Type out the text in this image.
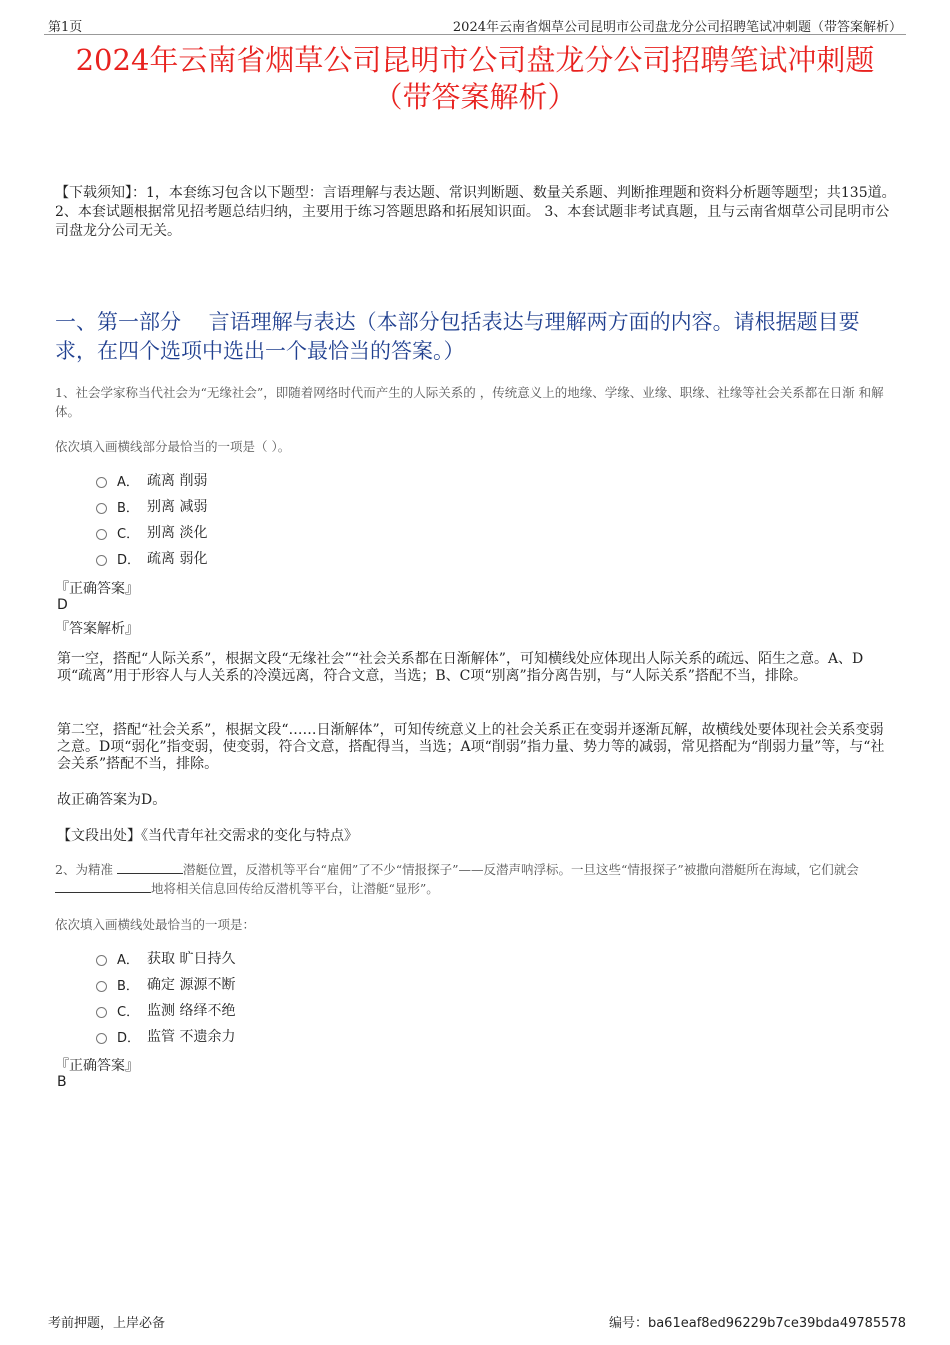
第1页	2024年云南省烟草公司昆明市公司盘龙分公司招聘笔试冲刺题（带答案解析）
2024年云南省烟草公司昆明市公司盘龙分公司招聘笔试冲刺题
（带答案解析）
【下载须知】：1，本套练习包含以下题型：言语理解与表达题、常识判断题、数量关系题、判断推理题和资料分析题等题型；共135道。 2、本套试题根据常见招考题总结归纳，主要用于练习答题思路和拓展知识面。 3、本套试题非考试真题，且与云南省烟草公司昆明市公司盘龙分公司无关。
一、第一部分　 言语理解与表达（本部分包括表达与理解两方面的内容。请根据题目要求，在四个选项中选出一个最恰当的答案。）
1、社会学家称当代社会为“无缘社会”，即随着网络时代而产生的人际关系的 ，传统意义上的地缘、学缘、业缘、职缘、社缘等社会关系都在日渐 和解体。
依次填入画横线部分最恰当的一项是（ ）。
A． 疏离 削弱
B． 别离 减弱
C． 别离 淡化
D． 疏离 弱化
『正确答案』
D
『答案解析』
第一空，搭配“人际关系”，根据文段“无缘社会”“社会关系都在日渐解体”，可知横线处应体现出人际关系的疏远、陌生之意。A、D项“疏离”用于形容人与人关系的冷漠远离，符合文意，当选；B、C项“别离”指分离告别，与“人际关系”搭配不当，排除。
第二空，搭配“社会关系”，根据文段“……日渐解体”，可知传统意义上的社会关系正在变弱并逐渐瓦解，故横线处要体现社会关系变弱之意。D项“弱化”指变弱，使变弱，符合文意，搭配得当，当选；A项“削弱”指力量、势力等的减弱，常见搭配为“削弱力量”等，与“社会关系”搭配不当，排除。
故正确答案为D。
【文段出处】《当代青年社交需求的变化与特点》
2、为精准	潜艇位置，反潜机等平台“雇佣”了不少“情报探子”——反潜声呐浮标。一旦这些“情报探子”被撒向潜艇所在海域，它们就会 地将相关信息回传给反潜机等平台，让潜艇“显形”。
依次填入画横线处最恰当的一项是：
A． 获取 旷日持久
B． 确定 源源不断
C． 监测 络绎不绝
D． 监管 不遗余力
『正确答案』
B
考前押题，上岸必备	编号：ba61eaf8ed96229b7ce39bda49785578
